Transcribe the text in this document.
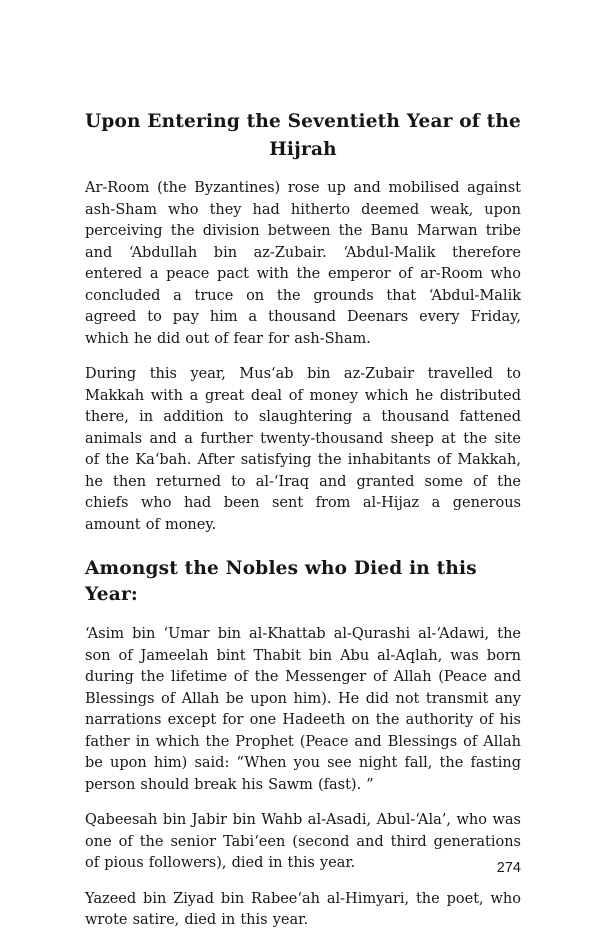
Upon Entering the Seventieth Year of the Hijrah

Ar-Room (the Byzantines) rose up and mobilised against ash-Sham who they had hitherto deemed weak, upon perceiving the division between the Banu Marwan tribe and ‘Abdullah bin az-Zubair. ‘Abdul-Malik therefore entered a peace pact with the emperor of ar-Room who concluded a truce on the grounds that ‘Abdul-Malik agreed to pay him a thousand Deenars every Friday, which he did out of fear for ash-Sham.

During this year, Mus‘ab bin az-Zubair travelled to Makkah with a great deal of money which he distributed there, in addition to slaughtering a thousand fattened animals and a further twenty-thousand sheep at the site of the Ka‘bah. After satisfying the inhabitants of Makkah, he then returned to al-‘Iraq and granted some of the chiefs who had been sent from al-Hijaz a generous amount of money.

Amongst the Nobles who Died in this Year:

‘Asim bin ‘Umar bin al-Khattab al-Qurashi al-‘Adawi, the son of Jameelah bint Thabit bin Abu al-Aqlah, was born during the lifetime of the Messenger of Allah (Peace and Blessings of Allah be upon him). He did not transmit any narrations except for one Hadeeth on the authority of his father in which the Prophet (Peace and Blessings of Allah be upon him) said: “When you see night fall, the fasting person should break his Sawm (fast). ”

Qabeesah bin Jabir bin Wahb al-Asadi, Abul-‘Ala’, who was one of the senior Tabi‘een (second and third generations of pious followers), died in this year.

Yazeed bin Ziyad bin Rabee‘ah al-Himyari, the poet, who wrote satire, died in this year.

274
